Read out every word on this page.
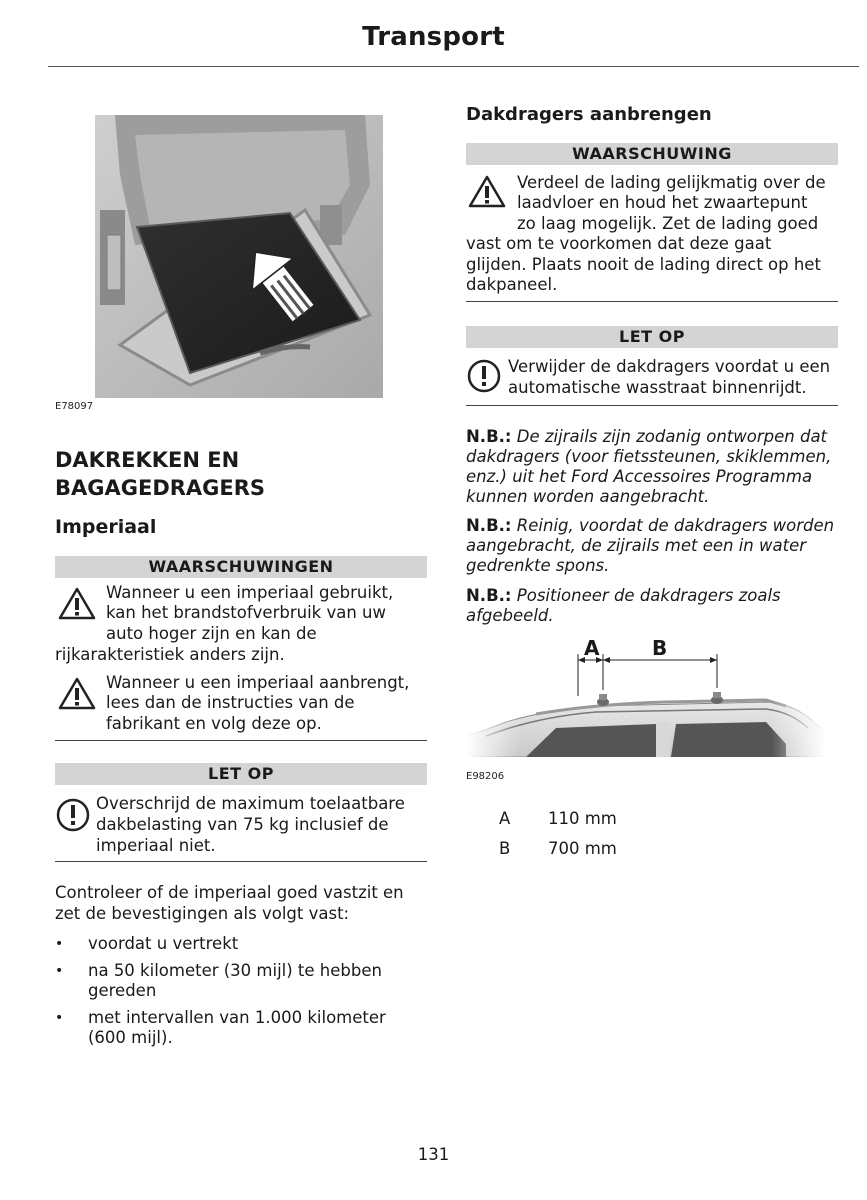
Transport
E78097
DAKREKKEN EN
BAGAGEDRAGERS
Imperiaal
WAARSCHUWINGEN
Wanneer u een imperiaal gebruikt,
kan het brandstofverbruik van uw
auto hoger zijn en kan de
rijkarakteristiek anders zijn.
Wanneer u een imperiaal aanbrengt,
lees dan de instructies van de
fabrikant en volg deze op.
LET OP
Overschrijd de maximum toelaatbare
dakbelasting van 75 kg inclusief de
imperiaal niet.
Controleer of de imperiaal goed vastzit en
zet de bevestigingen als volgt vast:
• voordat u vertrekt
• na 50 kilometer (30 mijl) te hebben
gereden
• met intervallen van 1.000 kilometer
(600 mijl).
Dakdragers aanbrengen
WAARSCHUWING
Verdeel de lading gelijkmatig over de
laadvloer en houd het zwaartepunt
zo laag mogelijk. Zet de lading goed
vast om te voorkomen dat deze gaat
glijden. Plaats nooit de lading direct op het
dakpaneel.
LET OP
Verwijder de dakdragers voordat u een
automatische wasstraat binnenrijdt.
N.B.: De zijrails zijn zodanig ontworpen dat
dakdragers (voor fietssteunen, skiklemmen,
enz.) uit het Ford Accessoires Programma
kunnen worden aangebracht.
N.B.: Reinig, voordat de dakdragers worden
aangebracht, de zijrails met een in water
gedrenkte spons.
N.B.: Positioneer de dakdragers zoals
afgebeeld.
A	B
E98206
A 110 mm
B 700 mm
131
